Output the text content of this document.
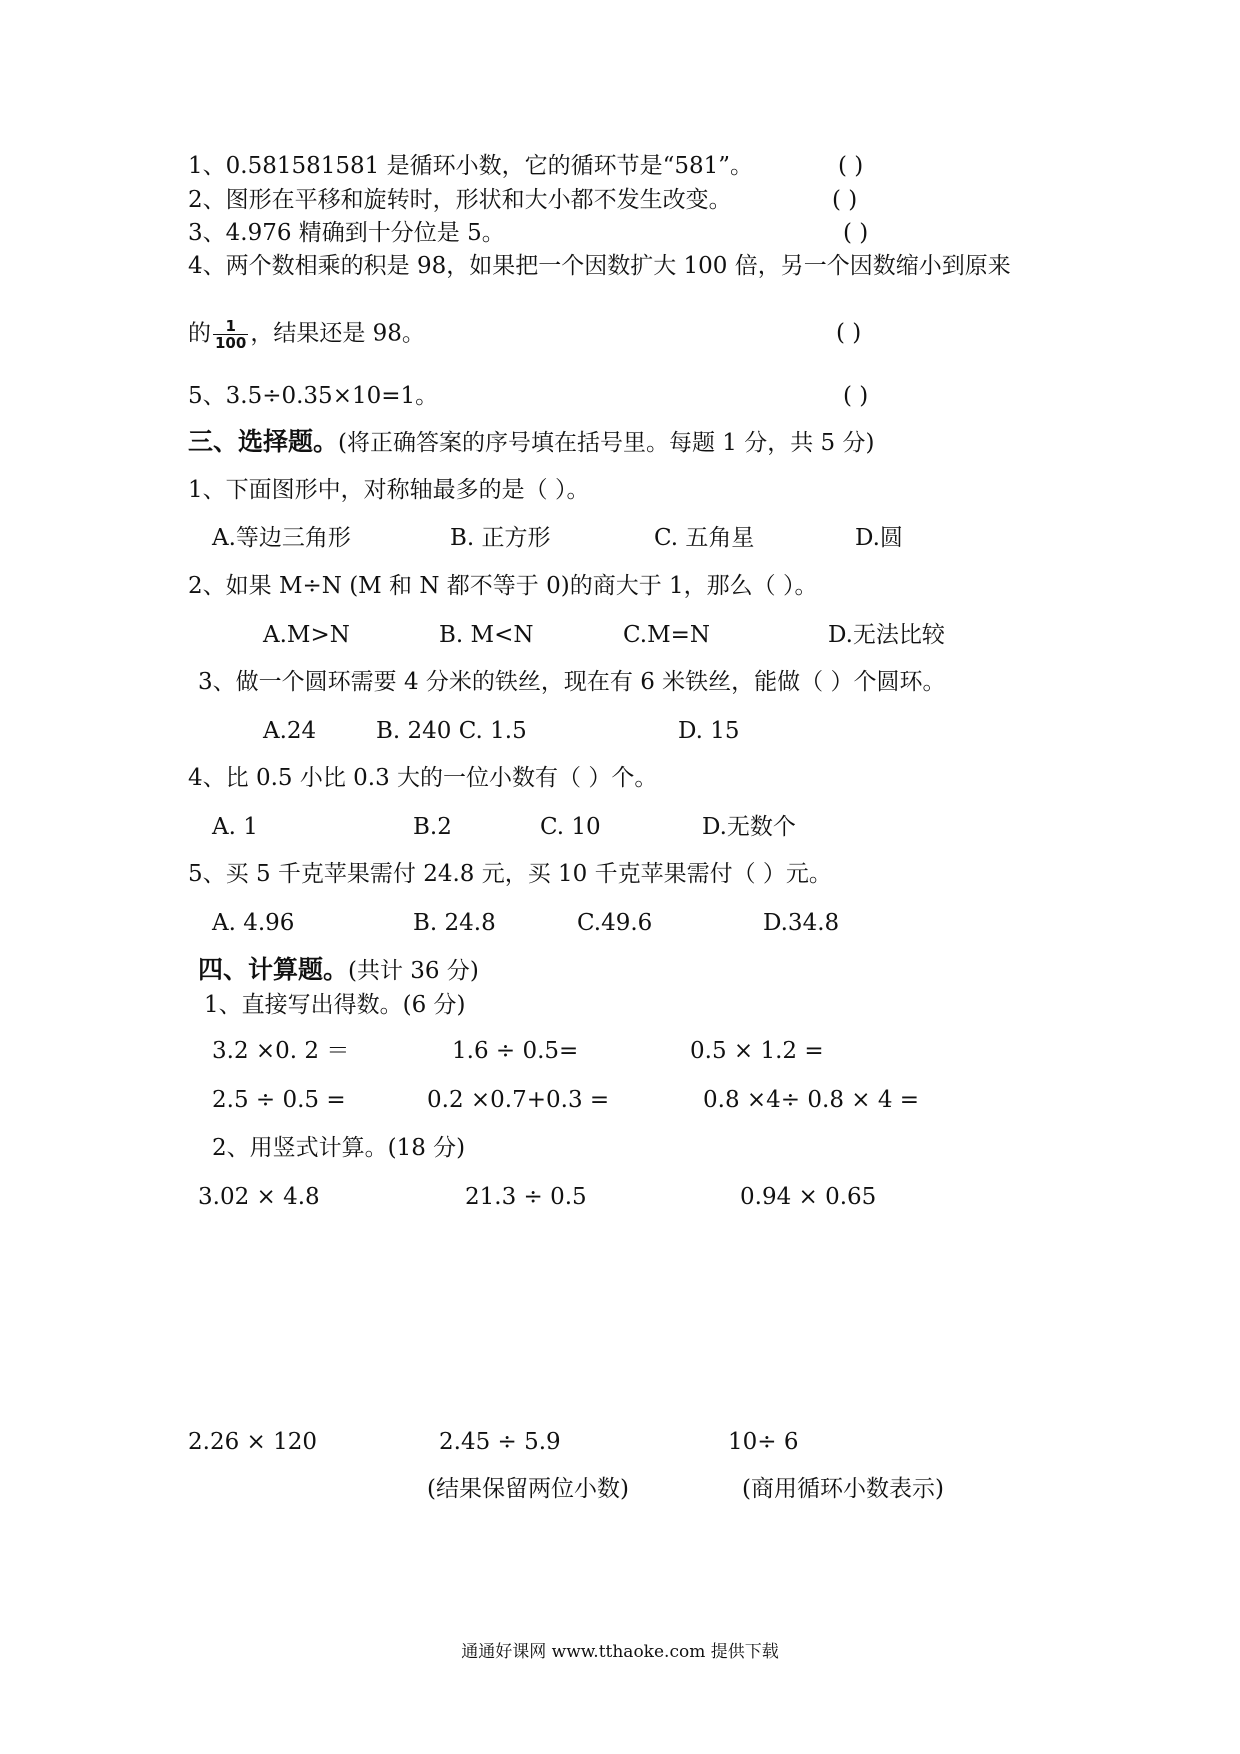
1、0.581581581 是循环小数，它的循环节是“581”。	( )
2、图形在平移和旋转时，形状和大小都不发生改变。	( )
3、4.976 精确到十分位是 5。	( )
4、两个数相乘的积是 98，如果把一个因数扩大 100 倍，另一个因数缩小到原来
的 $\frac{1}{100}$ ，结果还是 98。	( )
5、3.5÷0.35×10=1。	( )
三、选择题。(将正确答案的序号填在括号里。每题 1 分，共 5 分)
1、下面图形中，对称轴最多的是（ ）。
A.等边三角形	B. 正方形	C. 五角星	D.圆
2、如果 M÷N (M 和 N 都不等于 0)的商大于 1，那么（ ）。
A.M>N	B. M<N	C.M=N	D.无法比较
3、做一个圆环需要 4 分米的铁丝，现在有 6 米铁丝，能做（ ）个圆环。
A.24	B. 240 C. 1.5	D. 15
4、比 0.5 小比 0.3 大的一位小数有（ ）个。
A. 1	B.2	C. 10	D.无数个
5、买 5 千克苹果需付 24.8 元，买 10 千克苹果需付（ ）元。
A. 4.96	B. 24.8	C.49.6	D.34.8
四、计算题。(共计 36 分)
1、直接写出得数。(6 分)
3.2 ×0. 2 ＝	1.6 ÷ 0.5=	0.5 × 1.2 =
2.5 ÷ 0.5 =	0.2 ×0.7+0.3 =	0.8 ×4÷ 0.8 × 4 =
2、用竖式计算。(18 分)
3.02 × 4.8	21.3 ÷ 0.5	0.94 × 0.65
2.26 × 120	2.45 ÷ 5.9	10÷ 6
(结果保留两位小数)	(商用循环小数表示)
通通好课网 www.tthaoke.com 提供下载
